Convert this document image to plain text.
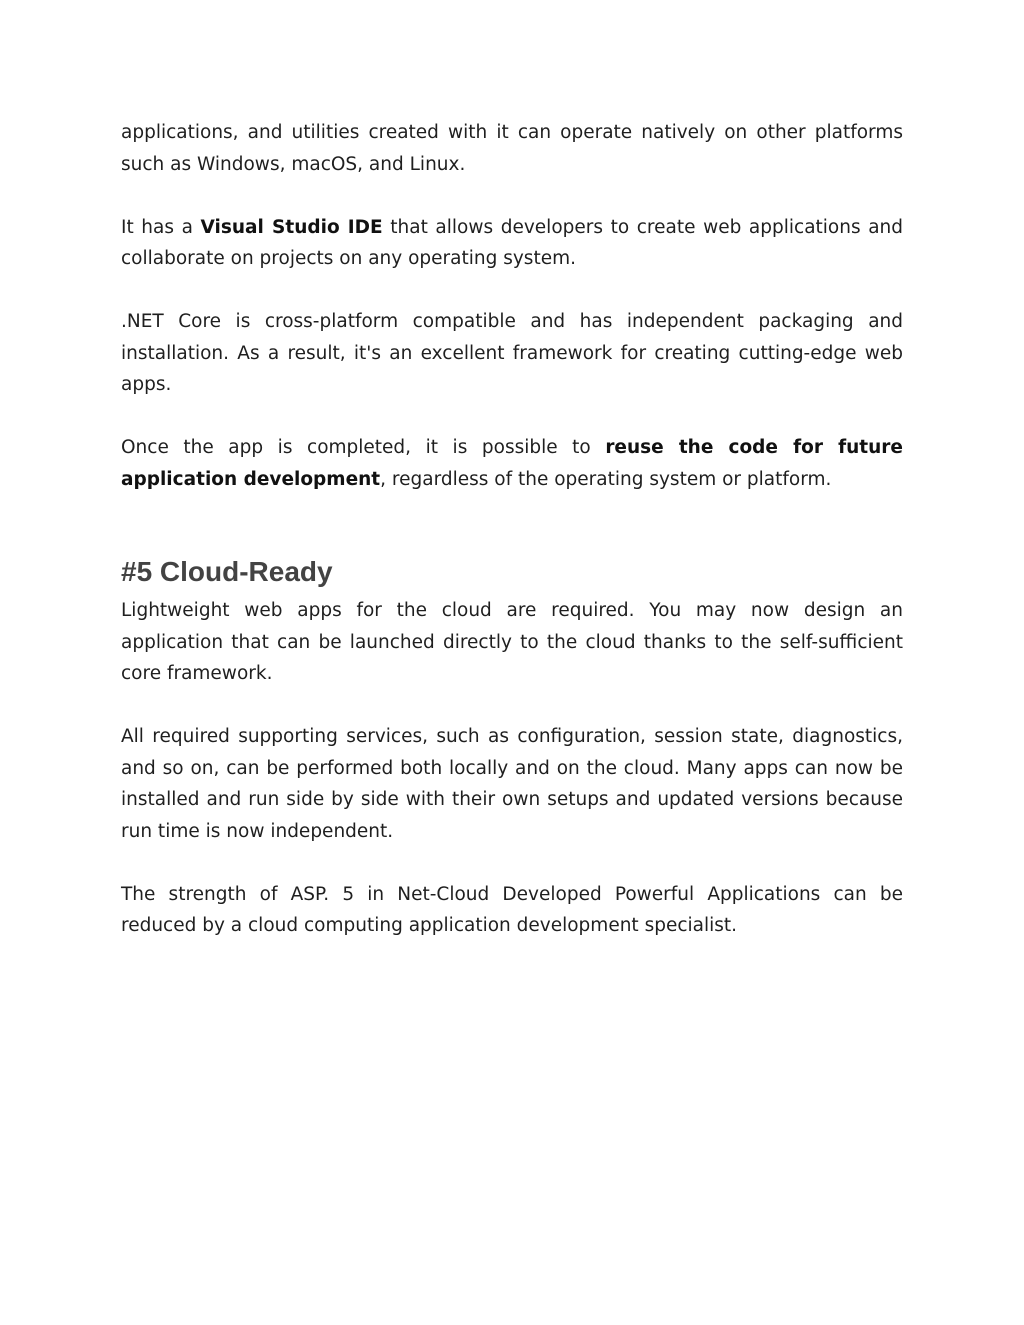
applications, and utilities created with it can operate natively on other platforms such as Windows, macOS, and Linux.

It has a Visual Studio IDE that allows developers to create web applications and collaborate on projects on any operating system.

.NET Core is cross-platform compatible and has independent packaging and installation. As a result, it's an excellent framework for creating cutting-edge web apps.

Once the app is completed, it is possible to reuse the code for future application development, regardless of the operating system or platform.

#5 Cloud-Ready

Lightweight web apps for the cloud are required. You may now design an application that can be launched directly to the cloud thanks to the self-sufficient core framework.

All required supporting services, such as configuration, session state, diagnostics, and so on, can be performed both locally and on the cloud. Many apps can now be installed and run side by side with their own setups and updated versions because run time is now independent.

The strength of ASP. 5 in Net-Cloud Developed Powerful Applications can be reduced by a cloud computing application development specialist.
